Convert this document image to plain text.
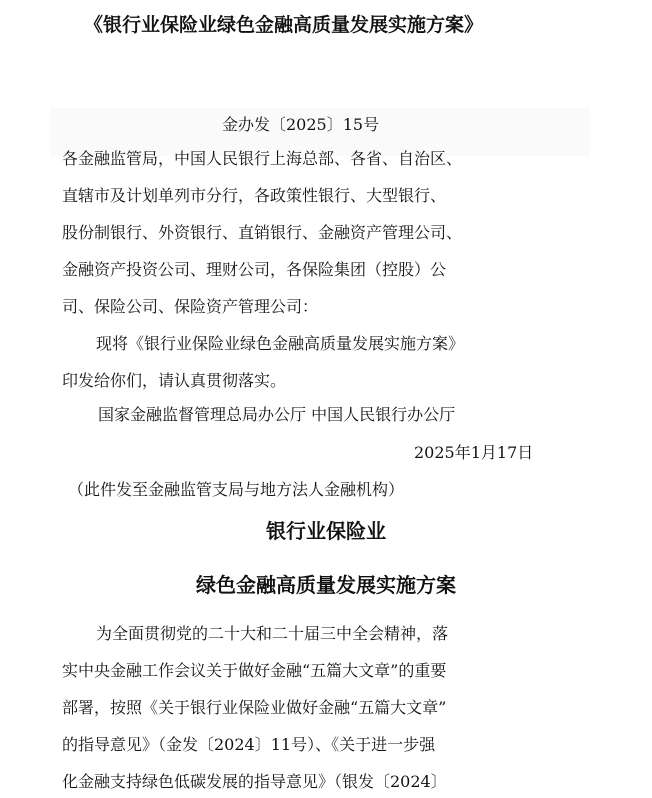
《银行业保险业绿色金融高质量发展实施方案》
金办发〔2025〕15号
各金融监管局，中国人民银行上海总部、各省、自治区、
直辖市及计划单列市分行，各政策性银行、大型银行、
股份制银行、外资银行、直销银行、金融资产管理公司、
金融资产投资公司、理财公司，各保险集团（控股）公
司、保险公司、保险资产管理公司：
现将《银行业保险业绿色金融高质量发展实施方案》
印发给你们，请认真贯彻落实。
国家金融监督管理总局办公厅 中国人民银行办公厅
2025年1月17日
（此件发至金融监管支局与地方法人金融机构）
银行业保险业
绿色金融高质量发展实施方案
为全面贯彻党的二十大和二十届三中全会精神，落
实中央金融工作会议关于做好金融“五篇大文章”的重要
部署，按照《关于银行业保险业做好金融“五篇大文章”
的指导意见》（金发〔2024〕11号）、《关于进一步强
化金融支持绿色低碳发展的指导意见》（银发〔2024〕
